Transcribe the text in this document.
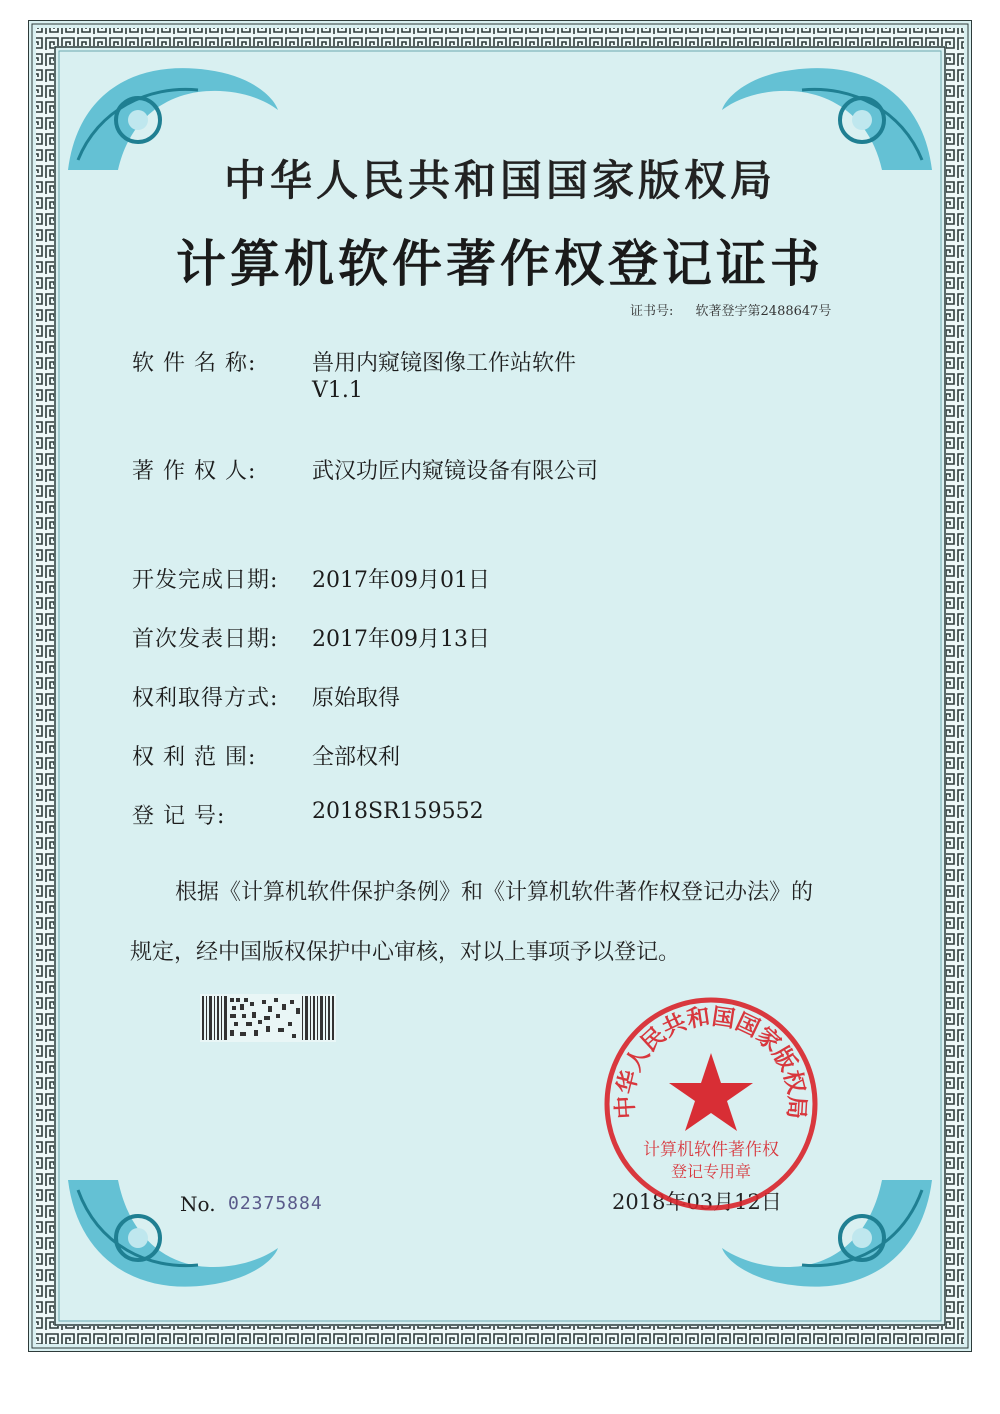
中华人民共和国国家版权局
计算机软件著作权登记证书
证书号: 软著登字第2488647号
软 件 名 称:	兽用内窥镜图像工作站软件
V1.1
著 作 权 人:	武汉功匠内窥镜设备有限公司
开发完成日期: 2017年09月01日
首次发表日期: 2017年09月13日
权利取得方式: 原始取得
权 利 范 围:	全部权利
登 记 号:	2018SR159552
根据《计算机软件保护条例》和《计算机软件著作权登记办法》的
规定，经中国版权保护中心审核，对以上事项予以登记。
No. 02375884	2018年03月12日
中华人民共和国国家版权局
计算机软件著作权
登记专用章
